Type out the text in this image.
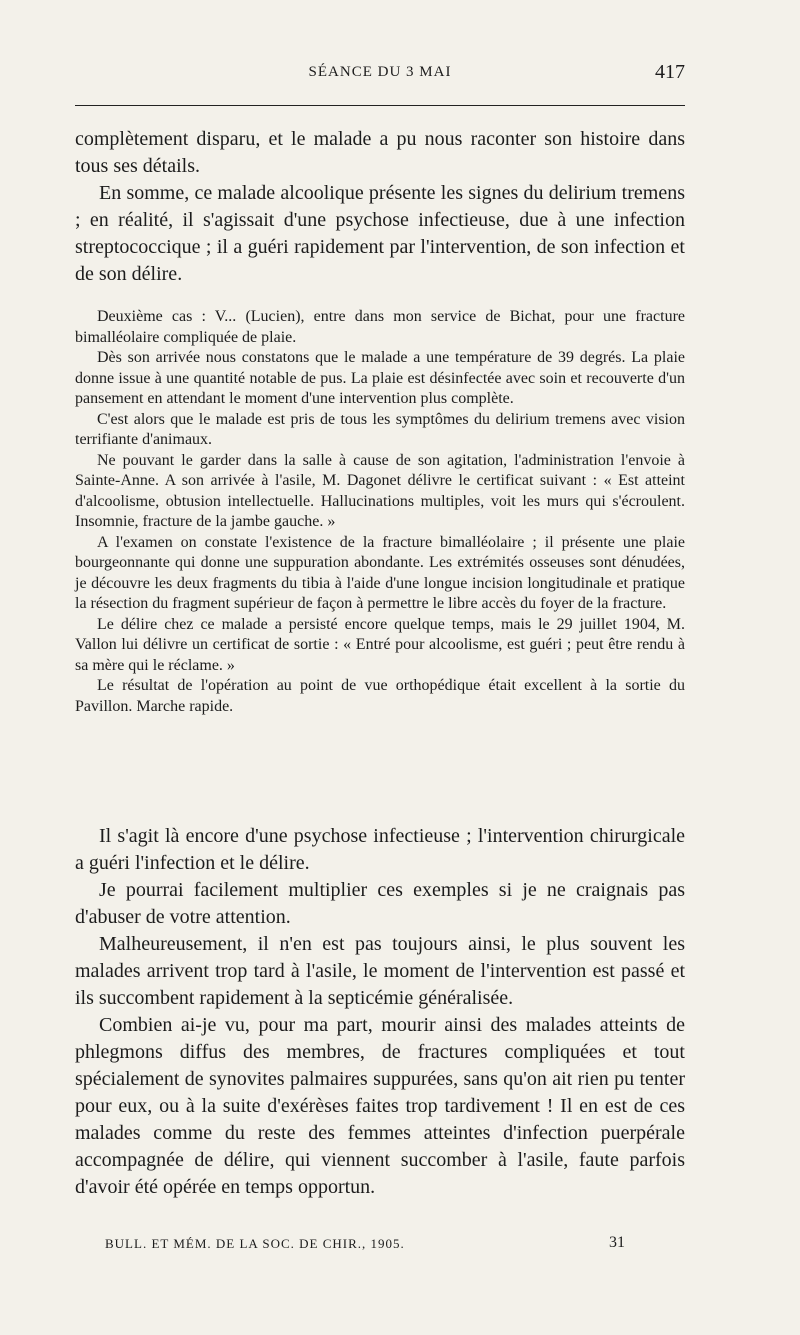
SÉANCE DU 3 MAI	417

complètement disparu, et le malade a pu nous raconter son histoire dans tous ses détails.

En somme, ce malade alcoolique présente les signes du delirium tremens ; en réalité, il s'agissait d'une psychose infectieuse, due à une infection streptococcique ; il a guéri rapidement par l'intervention, de son infection et de son délire.

Deuxième cas : V... (Lucien), entre dans mon service de Bichat, pour une fracture bimalléolaire compliquée de plaie.

Dès son arrivée nous constatons que le malade a une température de 39 degrés. La plaie donne issue à une quantité notable de pus. La plaie est désinfectée avec soin et recouverte d'un pansement en attendant le moment d'une intervention plus complète.

C'est alors que le malade est pris de tous les symptômes du delirium tremens avec vision terrifiante d'animaux.

Ne pouvant le garder dans la salle à cause de son agitation, l'administration l'envoie à Sainte-Anne. A son arrivée à l'asile, M. Dagonet délivre le certificat suivant : « Est atteint d'alcoolisme, obtusion intellectuelle. Hallucinations multiples, voit les murs qui s'écroulent. Insomnie, fracture de la jambe gauche. »

A l'examen on constate l'existence de la fracture bimalléolaire ; il présente une plaie bourgeonnante qui donne une suppuration abondante. Les extrémités osseuses sont dénudées, je découvre les deux fragments du tibia à l'aide d'une longue incision longitudinale et pratique la résection du fragment supérieur de façon à permettre le libre accès du foyer de la fracture.

Le délire chez ce malade a persisté encore quelque temps, mais le 29 juillet 1904, M. Vallon lui délivre un certificat de sortie : « Entré pour alcoolisme, est guéri ; peut être rendu à sa mère qui le réclame. »

Le résultat de l'opération au point de vue orthopédique était excellent à la sortie du Pavillon. Marche rapide.

Il s'agit là encore d'une psychose infectieuse ; l'intervention chirurgicale a guéri l'infection et le délire.

Je pourrai facilement multiplier ces exemples si je ne craignais pas d'abuser de votre attention.

Malheureusement, il n'en est pas toujours ainsi, le plus souvent les malades arrivent trop tard à l'asile, le moment de l'intervention est passé et ils succombent rapidement à la septicémie généralisée.

Combien ai-je vu, pour ma part, mourir ainsi des malades atteints de phlegmons diffus des membres, de fractures compliquées et tout spécialement de synovites palmaires suppurées, sans qu'on ait rien pu tenter pour eux, ou à la suite d'exérèses faites trop tardivement ! Il en est de ces malades comme du reste des femmes atteintes d'infection puerpérale accompagnée de délire, qui viennent succomber à l'asile, faute parfois d'avoir été opérée en temps opportun.

BULL. ET MÉM. DE LA SOC. DE CHIR., 1905.	31
